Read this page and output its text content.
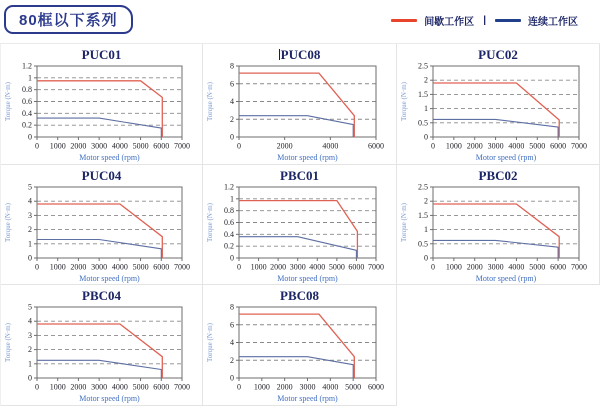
80框以下系列	间歇工作区 |	连续工作区
PUC01
0
0.2
0.4
0.6
0.8
1
1.2
0 1000 2000 3000 4000 5000 6000 7000
Motor speed (rpm)
Torque (N·m)
PUC08
0
2
4
6
8
0	2000	4000	6000
Motor speed (rpm)
Torque (N·m)
PUC02
0
0.5
1
1.5
2
2.5
0 1000 2000 3000 4000 5000 6000 7000
Motor speed (rpm)
Torque (N·m)
PUC04
0
1
2
3
4
5
0 1000 2000 3000 4000 5000 6000 7000
Motor speed (rpm)
Torque (N·m)
PBC01
0
0.2
0.4
0.6
0.8
1
1.2
0 1000 2000 3000 4000 5000 6000 7000
Motor speed (rpm)
Torque (N·m)
PBC02
0
0.5
1
1.5
2
2.5
0 1000 2000 3000 4000 5000 6000 7000
Motor speed (rpm)
Torque (N·m)
PBC04
0
1
2
3
4
5
0 1000 2000 3000 4000 5000 6000 7000
Motor speed (rpm)
Torque (N·m)
PBC08
0
2
4
6
8
0 1000 2000 3000 4000 5000 6000
Motor speed (rpm)
Torque (N·m)
